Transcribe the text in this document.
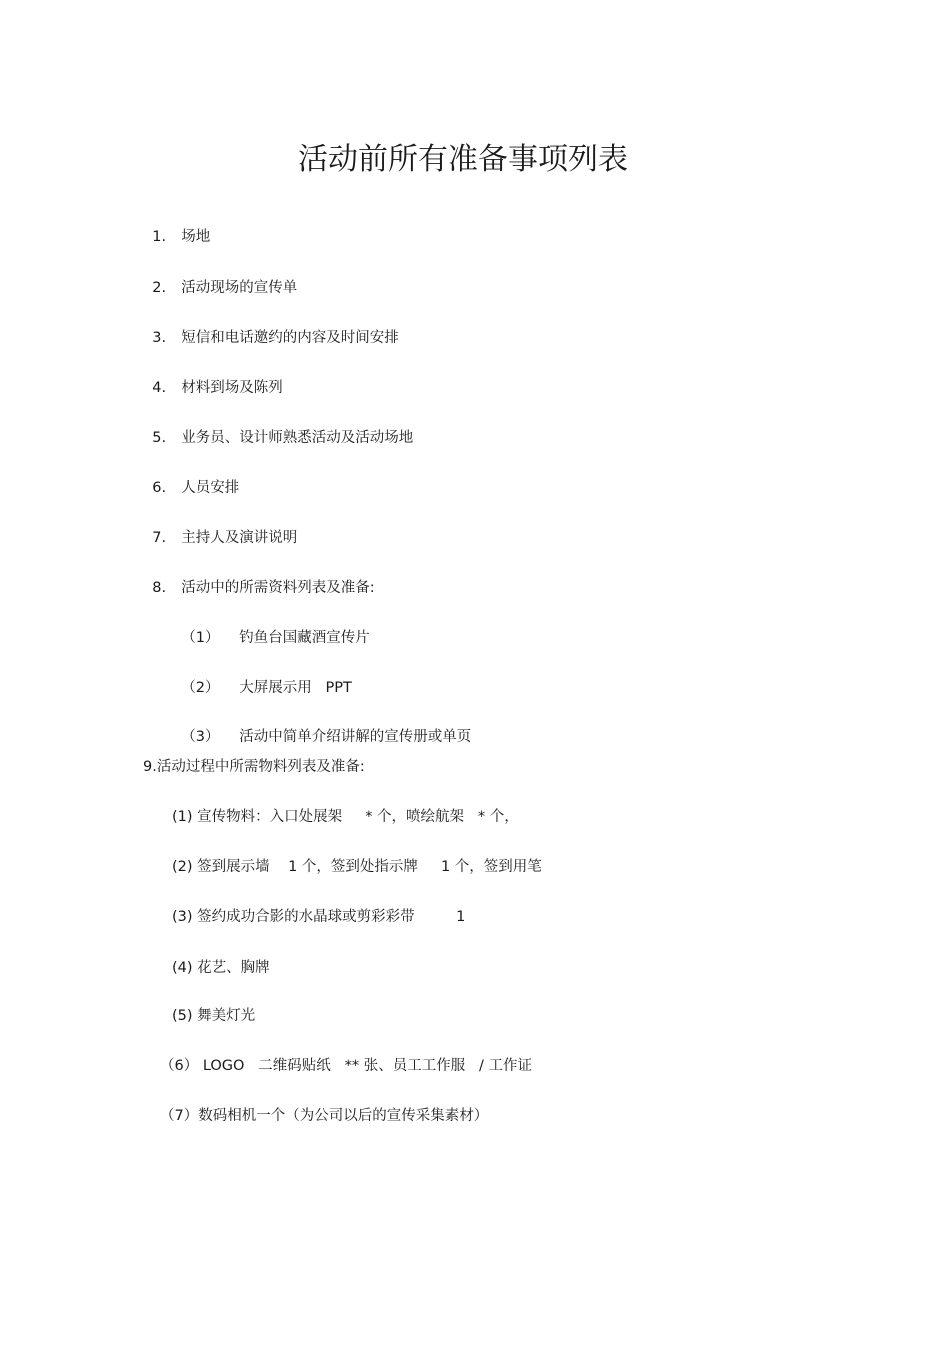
活动前所有准备事项列表

1. 场地

2. 活动现场的宣传单

3. 短信和电话邀约的内容及时间安排

4. 材料到场及陈列

5. 业务员、设计师熟悉活动及活动场地

6. 人员安排

7. 主持人及演讲说明

8. 活动中的所需资料列表及准备:

（1） 钓鱼台国藏酒宣传片

（2） 大屏展示用   PPT

（3） 活动中简单介绍讲解的宣传册或单页

9.活动过程中所需物料列表及准备:
(1) 宣传物料：入口处展架     * 个，喷绘航架   * 个，
(2) 签到展示墙    1 个，签到处指示牌     1 个，签到用笔
(3) 签约成功合影的水晶球或剪彩彩带         1
(4) 花艺、胸牌
(5) 舞美灯光
（6） LOGO   二维码贴纸   ** 张、员工工作服   / 工作证
（7）数码相机一个（为公司以后的宣传采集素材）
